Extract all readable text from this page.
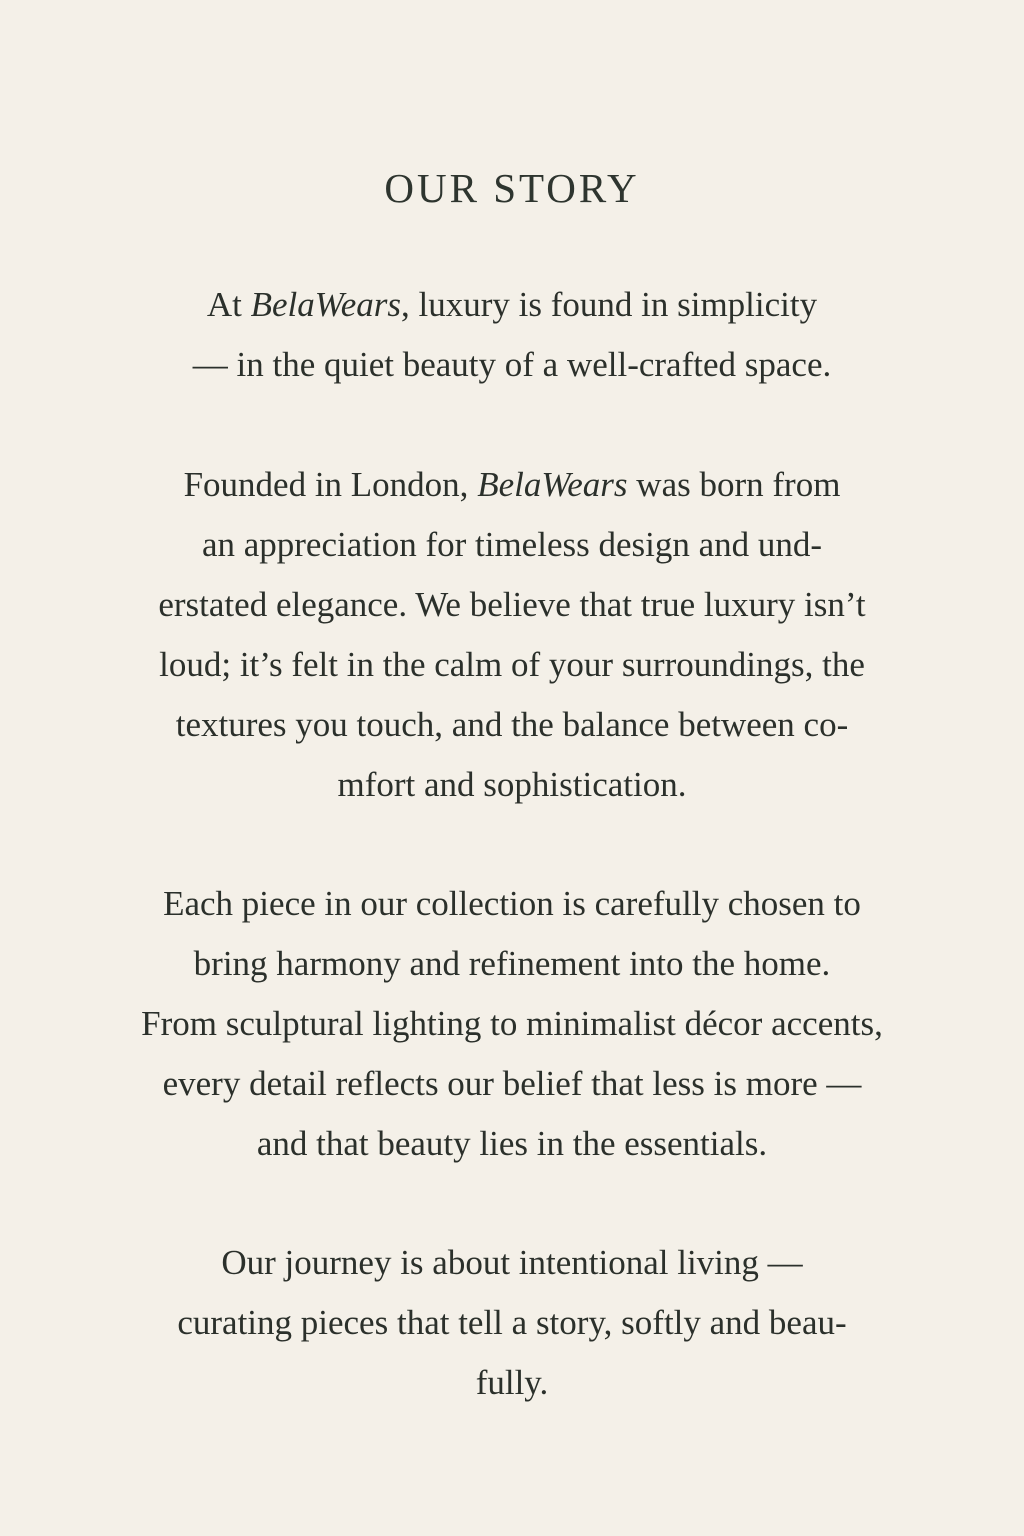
OUR STORY
At BelaWears, luxury is found in simplicity
— in the quiet beauty of a well-crafted space.
Founded in London, BelaWears was born from
an appreciation for timeless design and und-
erstated elegance. We believe that true luxury isn’t
loud; it’s felt in the calm of your surroundings, the
textures you touch, and the balance between co-
mfort and sophistication.
Each piece in our collection is carefully chosen to
bring harmony and refinement into the home.
From sculptural lighting to minimalist décor accents,
every detail reflects our belief that less is more —
and that beauty lies in the essentials.
Our journey is about intentional living —
curating pieces that tell a story, softly and beau-
fully.
